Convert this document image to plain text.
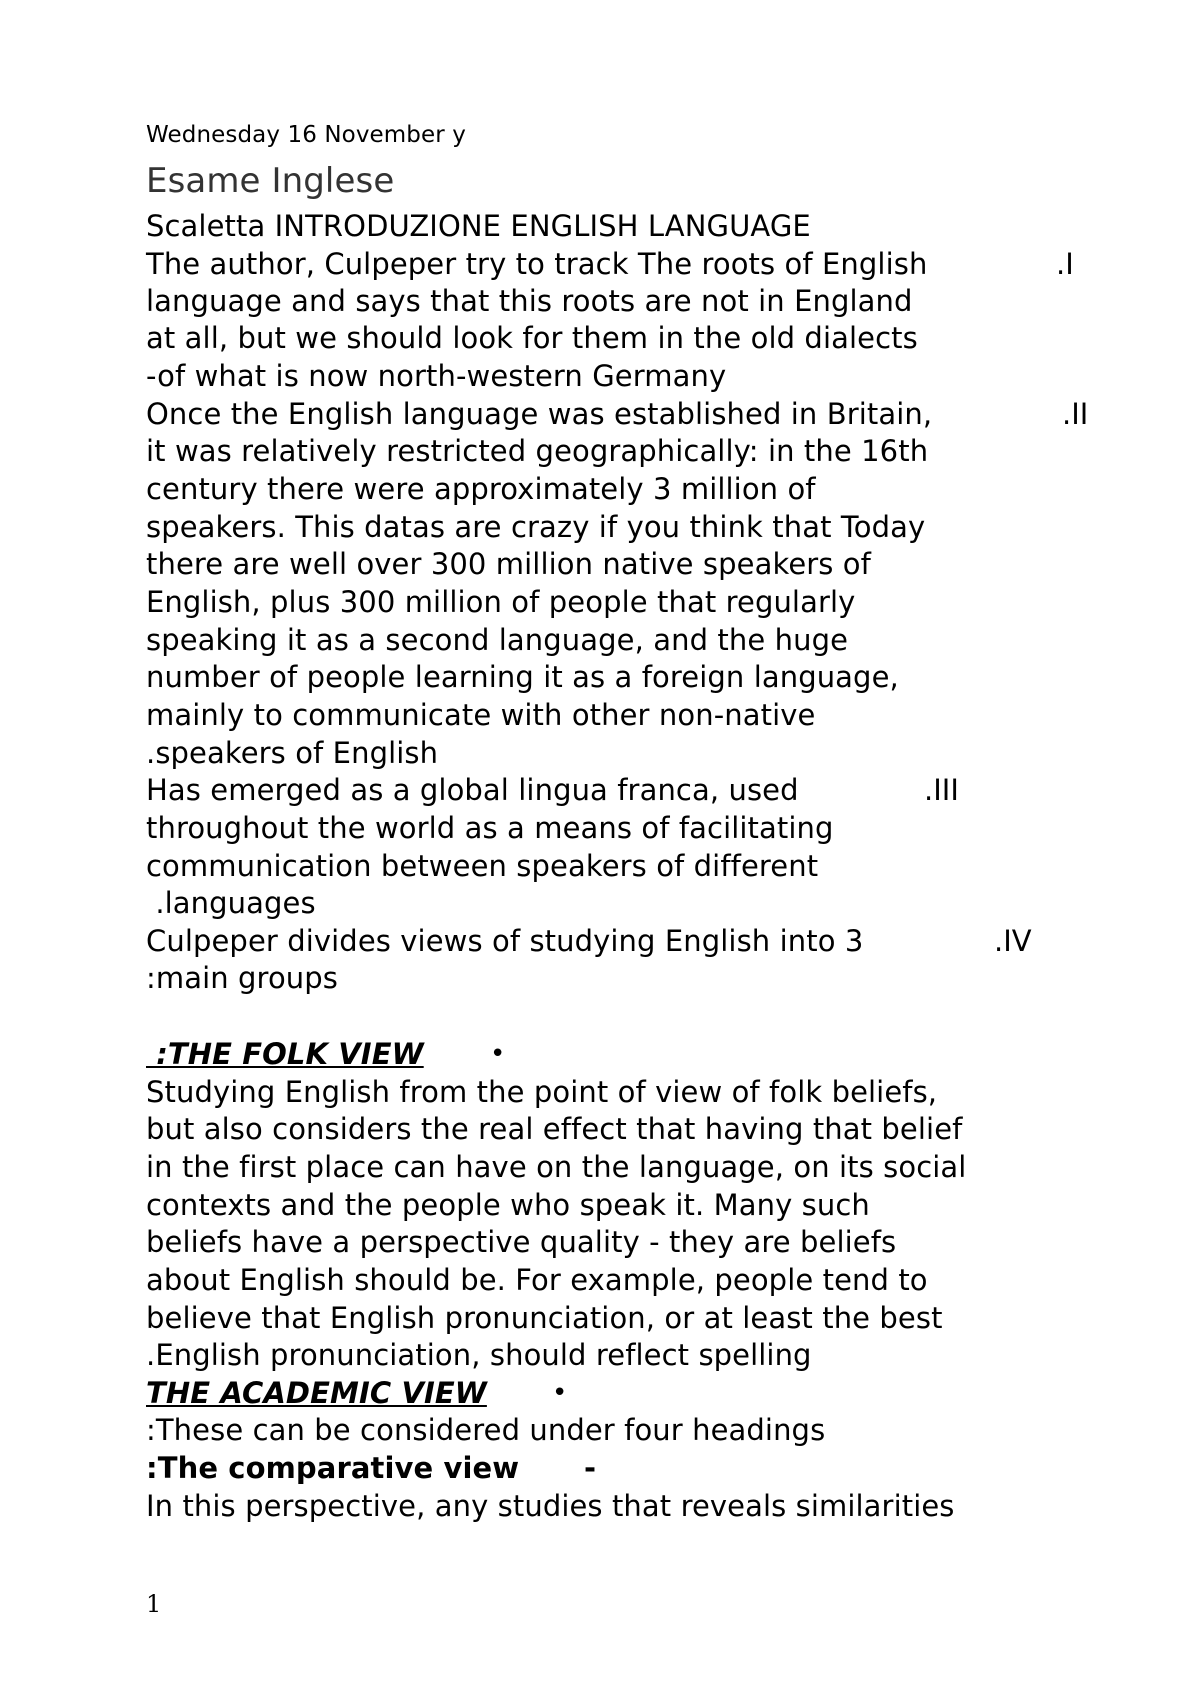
Wednesday 16 November y
Esame Inglese
Scaletta INTRODUZIONE ENGLISH LANGUAGE
The author, Culpeper try to track The roots of English	.I
language and says that this roots are not in England
at all, but we should look for them in the old dialects
-of what is now north-western Germany
Once the English language was established in Britain,	.II
it was relatively restricted geographically: in the 16th
century there were approximately 3 million of
speakers. This datas are crazy if you think that Today
there are well over 300 million native speakers of
English, plus 300 million of people that regularly
speaking it as a second language, and the huge
number of people learning it as a foreign language,
mainly to communicate with other non-native
.speakers of English
Has emerged as a global lingua franca, used	.III
throughout the world as a means of facilitating
communication between speakers of different
.languages
Culpeper divides views of studying English into 3	.IV
:main groups
:THE FOLK VIEW	•
Studying English from the point of view of folk beliefs,
but also considers the real effect that having that belief
in the first place can have on the language, on its social
contexts and the people who speak it. Many such
beliefs have a perspective quality - they are beliefs
about English should be. For example, people tend to
believe that English pronunciation, or at least the best
.English pronunciation, should reflect spelling
THE ACADEMIC VIEW	•
:These can be considered under four headings
:The comparative view -
In this perspective, any studies that reveals similarities
1
